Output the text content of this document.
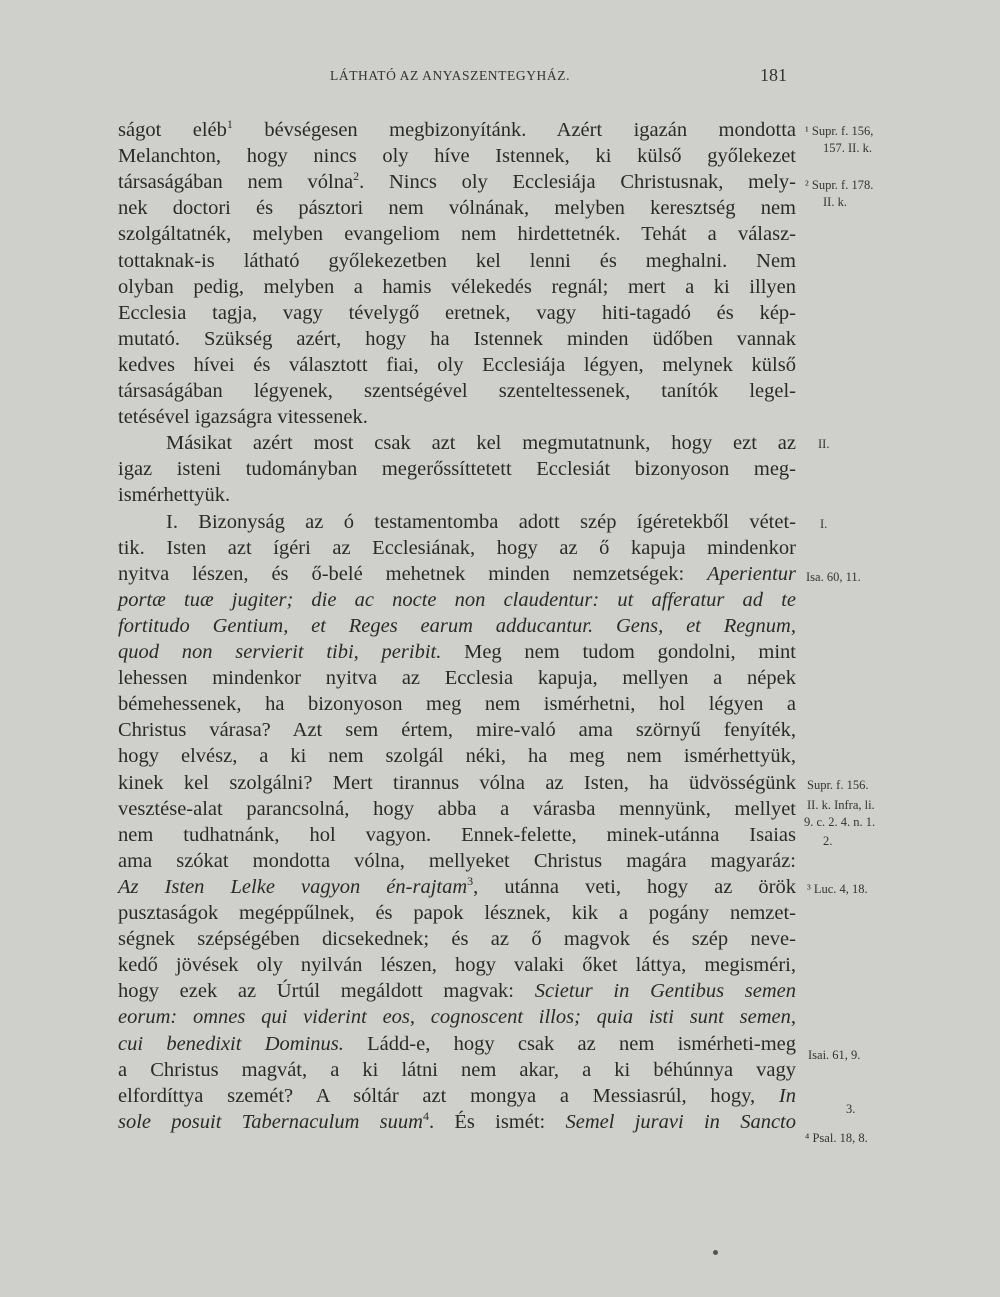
LÁTHATÓ AZ ANYASZENTEGYHÁZ.	181
ságot eléb$^1$ bévségesen megbizonyítánk. Azért igazán mondotta
Melanchton, hogy nincs oly híve Istennek, ki külső győlekezet
társaságában nem vólna$^2$. Nincs oly Ecclesiája Christusnak, mely-
nek doctori és pásztori nem vólnának, melyben keresztség nem
szolgáltatnék, melyben evangeliom nem hirdettetnék. Tehát a válasz-
tottaknak-is látható győlekezetben kel lenni és meghalni. Nem
olyban pedig, melyben a hamis vélekedés regnál; mert a ki illyen
Ecclesia tagja, vagy tévelygő eretnek, vagy hiti-tagadó és kép-
mutató. Szükség azért, hogy ha Istennek minden üdőben vannak
kedves hívei és választott fiai, oly Ecclesiája légyen, melynek külső
társaságában légyenek, szentségével szenteltessenek, tanítók legel-
tetésével igazságra vitessenek.
Másikat azért most csak azt kel megmutatnunk, hogy ezt az
igaz isteni tudományban megerőssíttetett Ecclesiát bizonyoson meg-
ismérhettyük.
I. Bizonyság az ó testamentomba adott szép ígéretekből vétet-
tik. Isten azt ígéri az Ecclesiának, hogy az ő kapuja mindenkor
nyitva lészen, és ő-belé mehetnek minden nemzetségek: Aperientur
portæ tuæ jugiter; die ac nocte non claudentur: ut afferatur ad te
fortitudo Gentium, et Reges earum adducantur. Gens, et Regnum,
quod non servierit tibi, peribit. Meg nem tudom gondolni, mint
lehessen mindenkor nyitva az Ecclesia kapuja, mellyen a népek
bémehessenek, ha bizonyoson meg nem ismérhetni, hol légyen a
Christus várasa? Azt sem értem, mire-való ama szörnyű fenyíték,
hogy elvész, a ki nem szolgál néki, ha meg nem ismérhettyük,
kinek kel szolgálni? Mert tirannus vólna az Isten, ha üdvösségünk
vesztése-alat parancsolná, hogy abba a várasba mennyünk, mellyet
nem tudhatnánk, hol vagyon. Ennek-felette, minek-utánna Isaias
ama szókat mondotta vólna, mellyeket Christus magára magyaráz:
Az Isten Lelke vagyon én-rajtam$^3$, utánna veti, hogy az örök
pusztaságok megéppűlnek, és papok lésznek, kik a pogány nemzet-
ségnek szépségében dicsekednek; és az ő magvok és szép neve-
kedő jövések oly nyilván lészen, hogy valaki őket láttya, megisméri,
hogy ezek az Úrtúl megáldott magvak: Scietur in Gentibus semen
eorum: omnes qui viderint eos, cognoscent illos; quia isti sunt semen,
cui benedixit Dominus. Ládd-e, hogy csak az nem ismérheti-meg
a Christus magvát, a ki látni nem akar, a ki béhúnnya vagy
elfordíttya szemét? A sóltár azt mongya a Messiasrúl, hogy, In
sole posuit Tabernaculum suum$^4$. És ismét: Semel juravi in Sancto
¹ Supr. f. 156,
157. II. k.
² Supr. f. 178.
II. k.
II.
I.
Isa. 60, 11.
Supr. f. 156.
II. k. Infra, li.
9. c. 2. 4. n. 1.
2.
³ Luc. 4, 18.
Isai. 61, 9.
3.
⁴ Psal. 18, 8.
